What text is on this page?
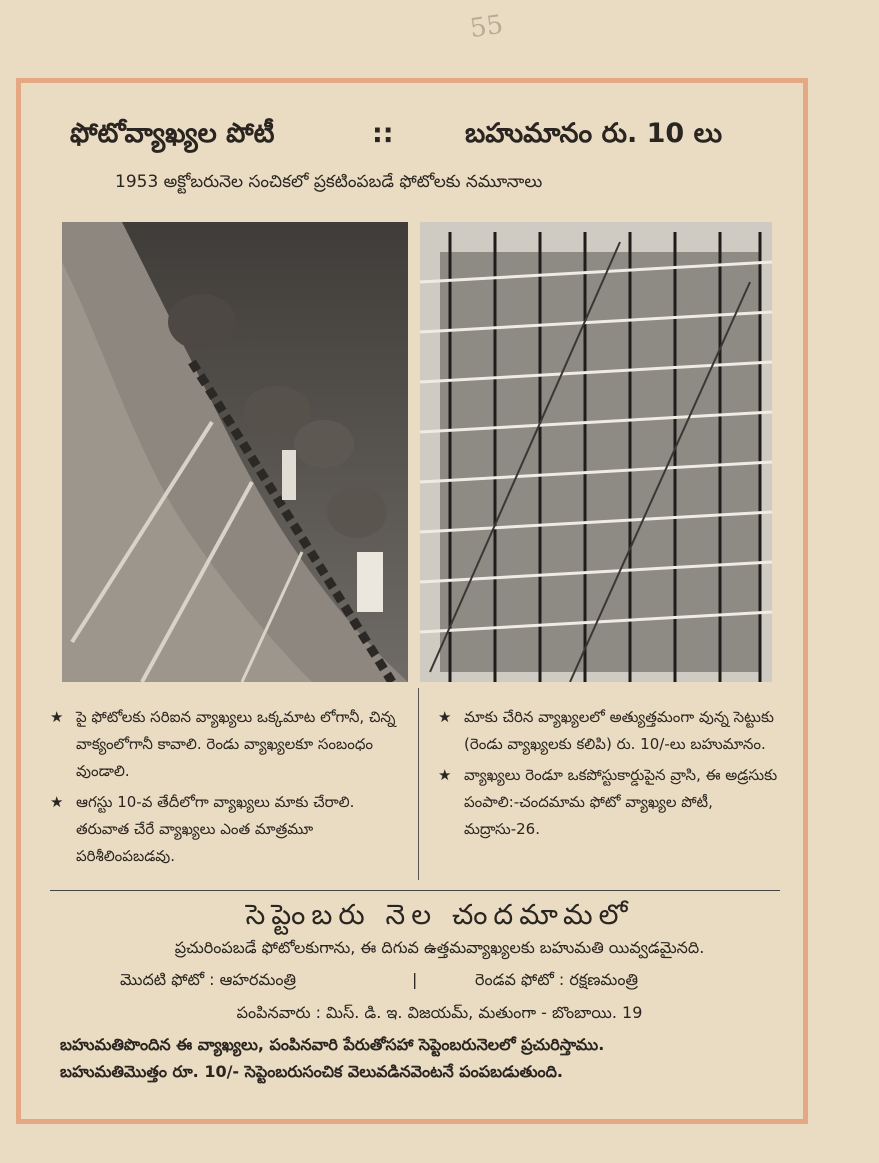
55
ఫోటోవ్యాఖ్యల పోటీ	::	బహుమానం రు. 10 లు
1953 అక్టోబరునెల సంచికలో ప్రకటింపబడే ఫోటోలకు నమూనాలు
★ పై ఫోటోలకు సరిఐన వ్యాఖ్యలు ఒక్కమాట లోగానీ, చిన్న వాక్యంలోగానీ కావాలి. రెండు వ్యాఖ్యలకూ సంబంధం వుండాలి.
★ ఆగస్టు 10-వ తేదీలోగా వ్యాఖ్యలు మాకు చేరాలి. తరువాత చేరే వ్యాఖ్యలు ఎంత మాత్రమూ పరిశీలింపబడవు.
★ మాకు చేరిన వ్యాఖ్యలలో అత్యుత్తమంగా వున్న సెట్టుకు (రెండు వ్యాఖ్యలకు కలిపి) రు. 10/-లు బహుమానం.
★ వ్యాఖ్యలు రెండూ ఒకపోస్టుకార్డుపైన వ్రాసి, ఈ అడ్రసుకు పంపాలి:-చందమామ ఫోటో వ్యాఖ్యల పోటీ, మద్రాసు-26.
సెప్టెంబరు నెల చందమామలో
ప్రచురింపబడే ఫోటోలకుగాను, ఈ దిగువ ఉత్తమవ్యాఖ్యలకు బహుమతి యివ్వడమైనది.
మొదటి ఫోటో : ఆహరమంత్రి	|	రెండవ ఫోటో : రక్షణమంత్రి
పంపినవారు : మిస్. డి. ఇ. విజయమ్, మతుంగా - బొంబాయి. 19
బహుమతిపొందిన ఈ వ్యాఖ్యలు, పంపినవారి పేరుతోసహా సెప్టెంబరునెలలో ప్రచురిస్తాము.
బహుమతిమొత్తం రూ. 10/- సెప్టెంబరుసంచిక వెలువడినవెంటనే పంపబడుతుంది.
